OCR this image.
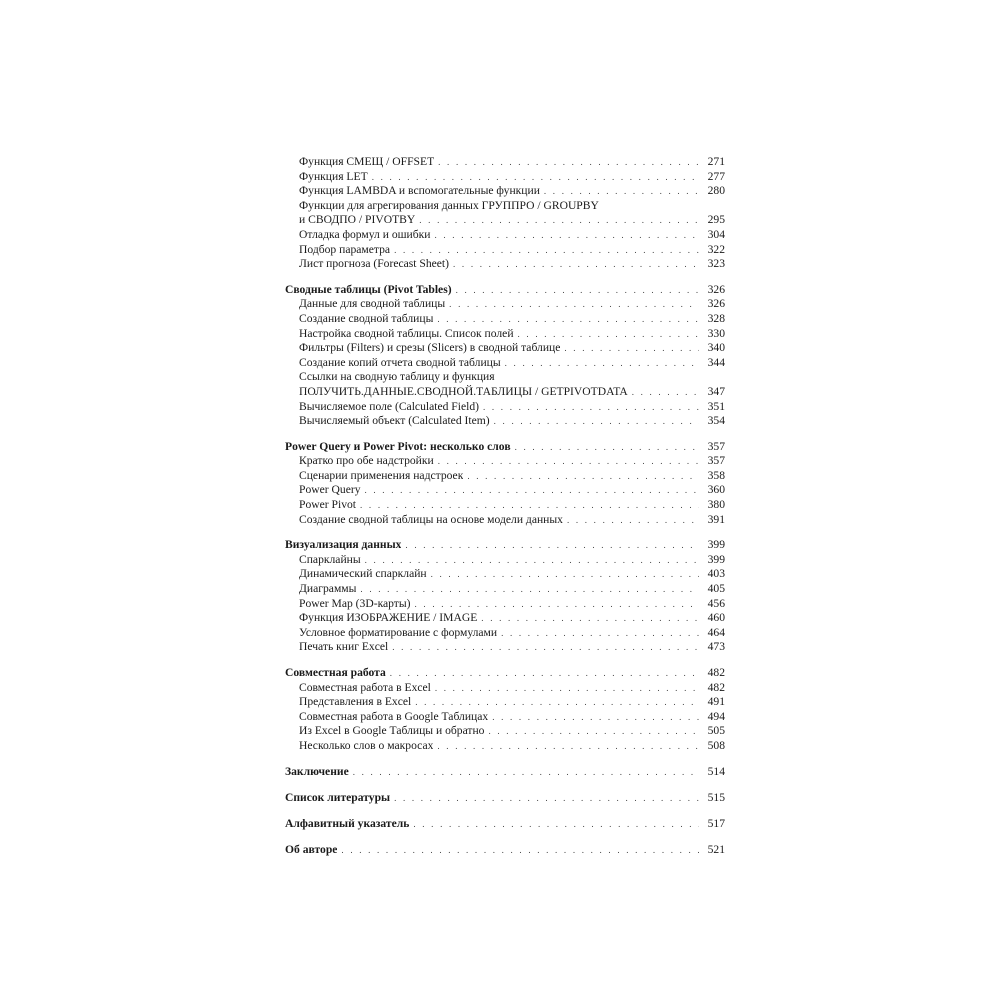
Функция СМЕЩ / OFFSET . . .	271
Функция LET . . .	277
Функция LAMBDA и вспомогательные функции . . .	280
Функции для агрегирования данных ГРУППРО / GROUPBY
и СВОДПО / PIVOTBY . . .	295
Отладка формул и ошибки . . .	304
Подбор параметра . . .	322
Лист прогноза (Forecast Sheet) . . .	323
Сводные таблицы (Pivot Tables) . . .	326
Данные для сводной таблицы . . .	326
Создание сводной таблицы . . .	328
Настройка сводной таблицы. Список полей . . .	330
Фильтры (Filters) и срезы (Slicers) в сводной таблице . . .	340
Создание копий отчета сводной таблицы . . .	344
Ссылки на сводную таблицу и функция
ПОЛУЧИТЬ.ДАННЫЕ.СВОДНОЙ.ТАБЛИЦЫ / GETPIVOTDATA . . .	347
Вычисляемое поле (Calculated Field) . . .	351
Вычисляемый объект (Calculated Item) . . .	354
Power Query и Power Pivot: несколько слов . . .	357
Кратко про обе надстройки . . .	357
Сценарии применения надстроек . . .	358
Power Query . . .	360
Power Pivot . . .	380
Создание сводной таблицы на основе модели данных . . .	391
Визуализация данных . . .	399
Спарклайны . . .	399
Динамический спарклайн . . .	403
Диаграммы . . .	405
Power Map (3D-карты) . . .	456
Функция ИЗОБРАЖЕНИЕ / IMAGE . . .	460
Условное форматирование с формулами . . .	464
Печать книг Excel . . .	473
Совместная работа . . .	482
Совместная работа в Excel . . .	482
Представления в Excel . . .	491
Совместная работа в Google Таблицах . . .	494
Из Excel в Google Таблицы и обратно . . .	505
Несколько слов о макросах . . .	508
Заключение . . .	514
Список литературы . . .	515
Алфавитный указатель . . .	517
Об авторе . . .	521
